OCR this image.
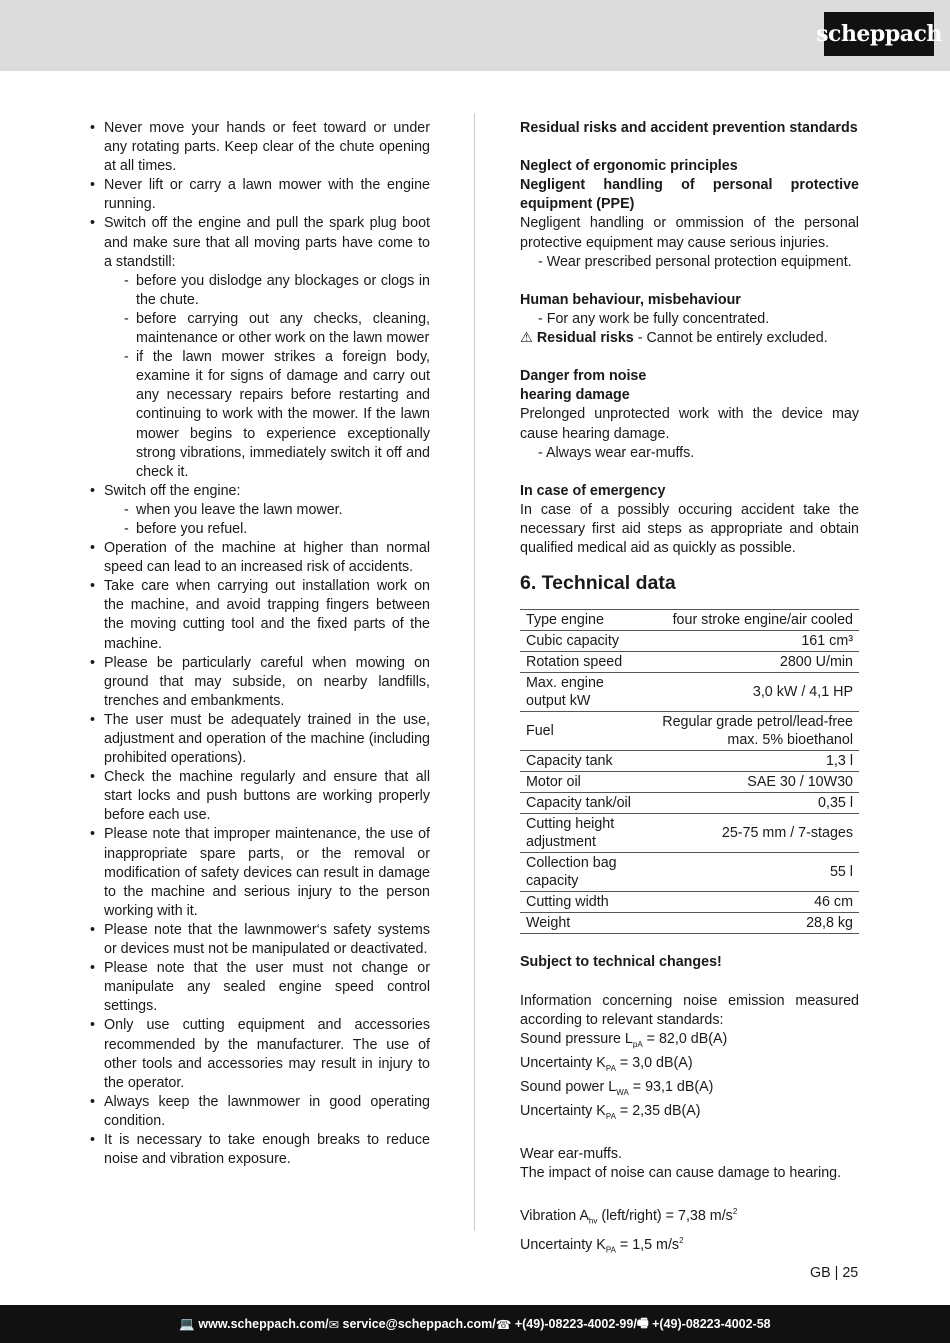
scheppach
• Never move your hands or feet toward or under any rotating parts. Keep clear of the chute opening at all times.
• Never lift or carry a lawn mower with the engine running.
• Switch off the engine and pull the spark plug boot and make sure that all moving parts have come to a standstill:
- before you dislodge any blockages or clogs in the chute.
- before carrying out any checks, cleaning, maintenance or other work on the lawn mower
- if the lawn mower strikes a foreign body, examine it for signs of damage and carry out any necessary repairs before restarting and continuing to work with the mower. If the lawn mower begins to experience exceptionally strong vibrations, immediately switch it off and check it.
• Switch off the engine:
- when you leave the lawn mower.
- before you refuel.
• Operation of the machine at higher than normal speed can lead to an increased risk of accidents.
• Take care when carrying out installation work on the machine, and avoid trapping fingers between the moving cutting tool and the fixed parts of the machine.
• Please be particularly careful when mowing on ground that may subside, on nearby landfills, trenches and embankments.
• The user must be adequately trained in the use, adjustment and operation of the machine (including prohibited operations).
• Check the machine regularly and ensure that all start locks and push buttons are working properly before each use.
• Please note that improper maintenance, the use of inappropriate spare parts, or the removal or modification of safety devices can result in damage to the machine and serious injury to the person working with it.
• Please note that the lawnmower‘s safety systems or devices must not be manipulated or deactivated.
• Please note that the user must not change or manipulate any sealed engine speed control settings.
• Only use cutting equipment and accessories recommended by the manufacturer. The use of other tools and accessories may result in injury to the operator.
• Always keep the lawnmower in good operating condition.
• It is necessary to take enough breaks to reduce noise and vibration exposure.

Residual risks and accident prevention standards

Neglect of ergonomic principles

Negligent handling of personal protective equipment (PPE)

Negligent handling or ommission of the personal protective equipment may cause serious injuries.

- Wear prescribed personal protection equipment.

Human behaviour, misbehaviour

- For any work be fully concentrated.

⚠ Residual risks - Cannot be entirely excluded.

Danger from noise

hearing damage

Prelonged unprotected work with the device may cause hearing damage.

- Always wear ear-muffs.

In case of emergency

In case of a possibly occuring accident take the necessary first aid steps as appropriate and obtain qualified medical aid as quickly as possible.

6. Technical data
Type engine	four stroke engine/air cooled
Cubic capacity	161 cm³
Rotation speed	2800 U/min
Max. engine output kW	3,0 kW / 4,1 HP
Fuel	Regular grade petrol/lead-free max. 5% bioethanol
Capacity tank	1,3 l
Motor oil	SAE 30 / 10W30
Capacity tank/oil	0,35 l
Cutting height adjustment	25-75 mm / 7-stages
Collection bag capacity	55 l
Cutting width	46 cm
Weight	28,8 kg

Subject to technical changes!

Information concerning noise emission measured according to relevant standards:

Sound pressure $L_{pA} = 82,0$ dB(A)

Uncertainty $K_{PA} = 3,0$ dB(A)

Sound power $L_{WA} = 93,1$ dB(A)

Uncertainty $K_{PA} = 2,35$ dB(A)

Wear ear-muffs.

The impact of noise can cause damage to hearing.

Vibration $A_{hv}$ (left/right) = 7,38 $m/s^2$

Uncertainty $K_{PA} = 1,5$ $m/s^2$

GB | 25
💻
www.scheppach.com / ✉
service@scheppach.com / ☎
+(49)-08223-4002-99 / 🖷
+(49)-08223-4002-58
